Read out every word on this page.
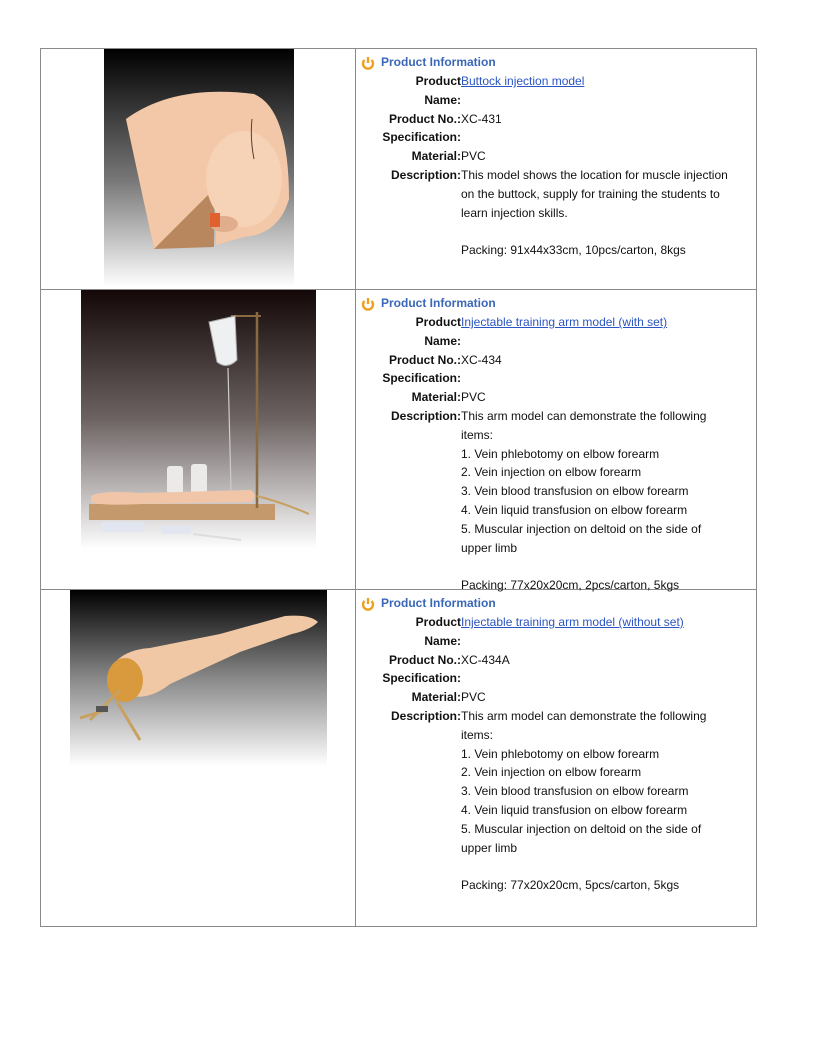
Product Information
Product Buttock injection model
Name:
Product No.: XC-431
Specification:
Material: PVC
Description: This model shows the location for muscle injection
on the buttock, supply for training the students to
learn injection skills.
Packing: 91x44x33cm, 10pcs/carton, 8kgs
Product Information
Product Injectable training arm model (with set)
Name:
Product No.: XC-434
Specification:
Material: PVC
Description: This arm model can demonstrate the following
items:
1. Vein phlebotomy on elbow forearm
2. Vein injection on elbow forearm
3. Vein blood transfusion on elbow forearm
4. Vein liquid transfusion on elbow forearm
5. Muscular injection on deltoid on the side of
upper limb
Packing: 77x20x20cm, 2pcs/carton, 5kgs
Product Information
Product Injectable training arm model (without set)
Name:
Product No.: XC-434A
Specification:
Material: PVC
Description: This arm model can demonstrate the following
items:
1. Vein phlebotomy on elbow forearm
2. Vein injection on elbow forearm
3. Vein blood transfusion on elbow forearm
4. Vein liquid transfusion on elbow forearm
5. Muscular injection on deltoid on the side of
upper limb
Packing: 77x20x20cm, 5pcs/carton, 5kgs
